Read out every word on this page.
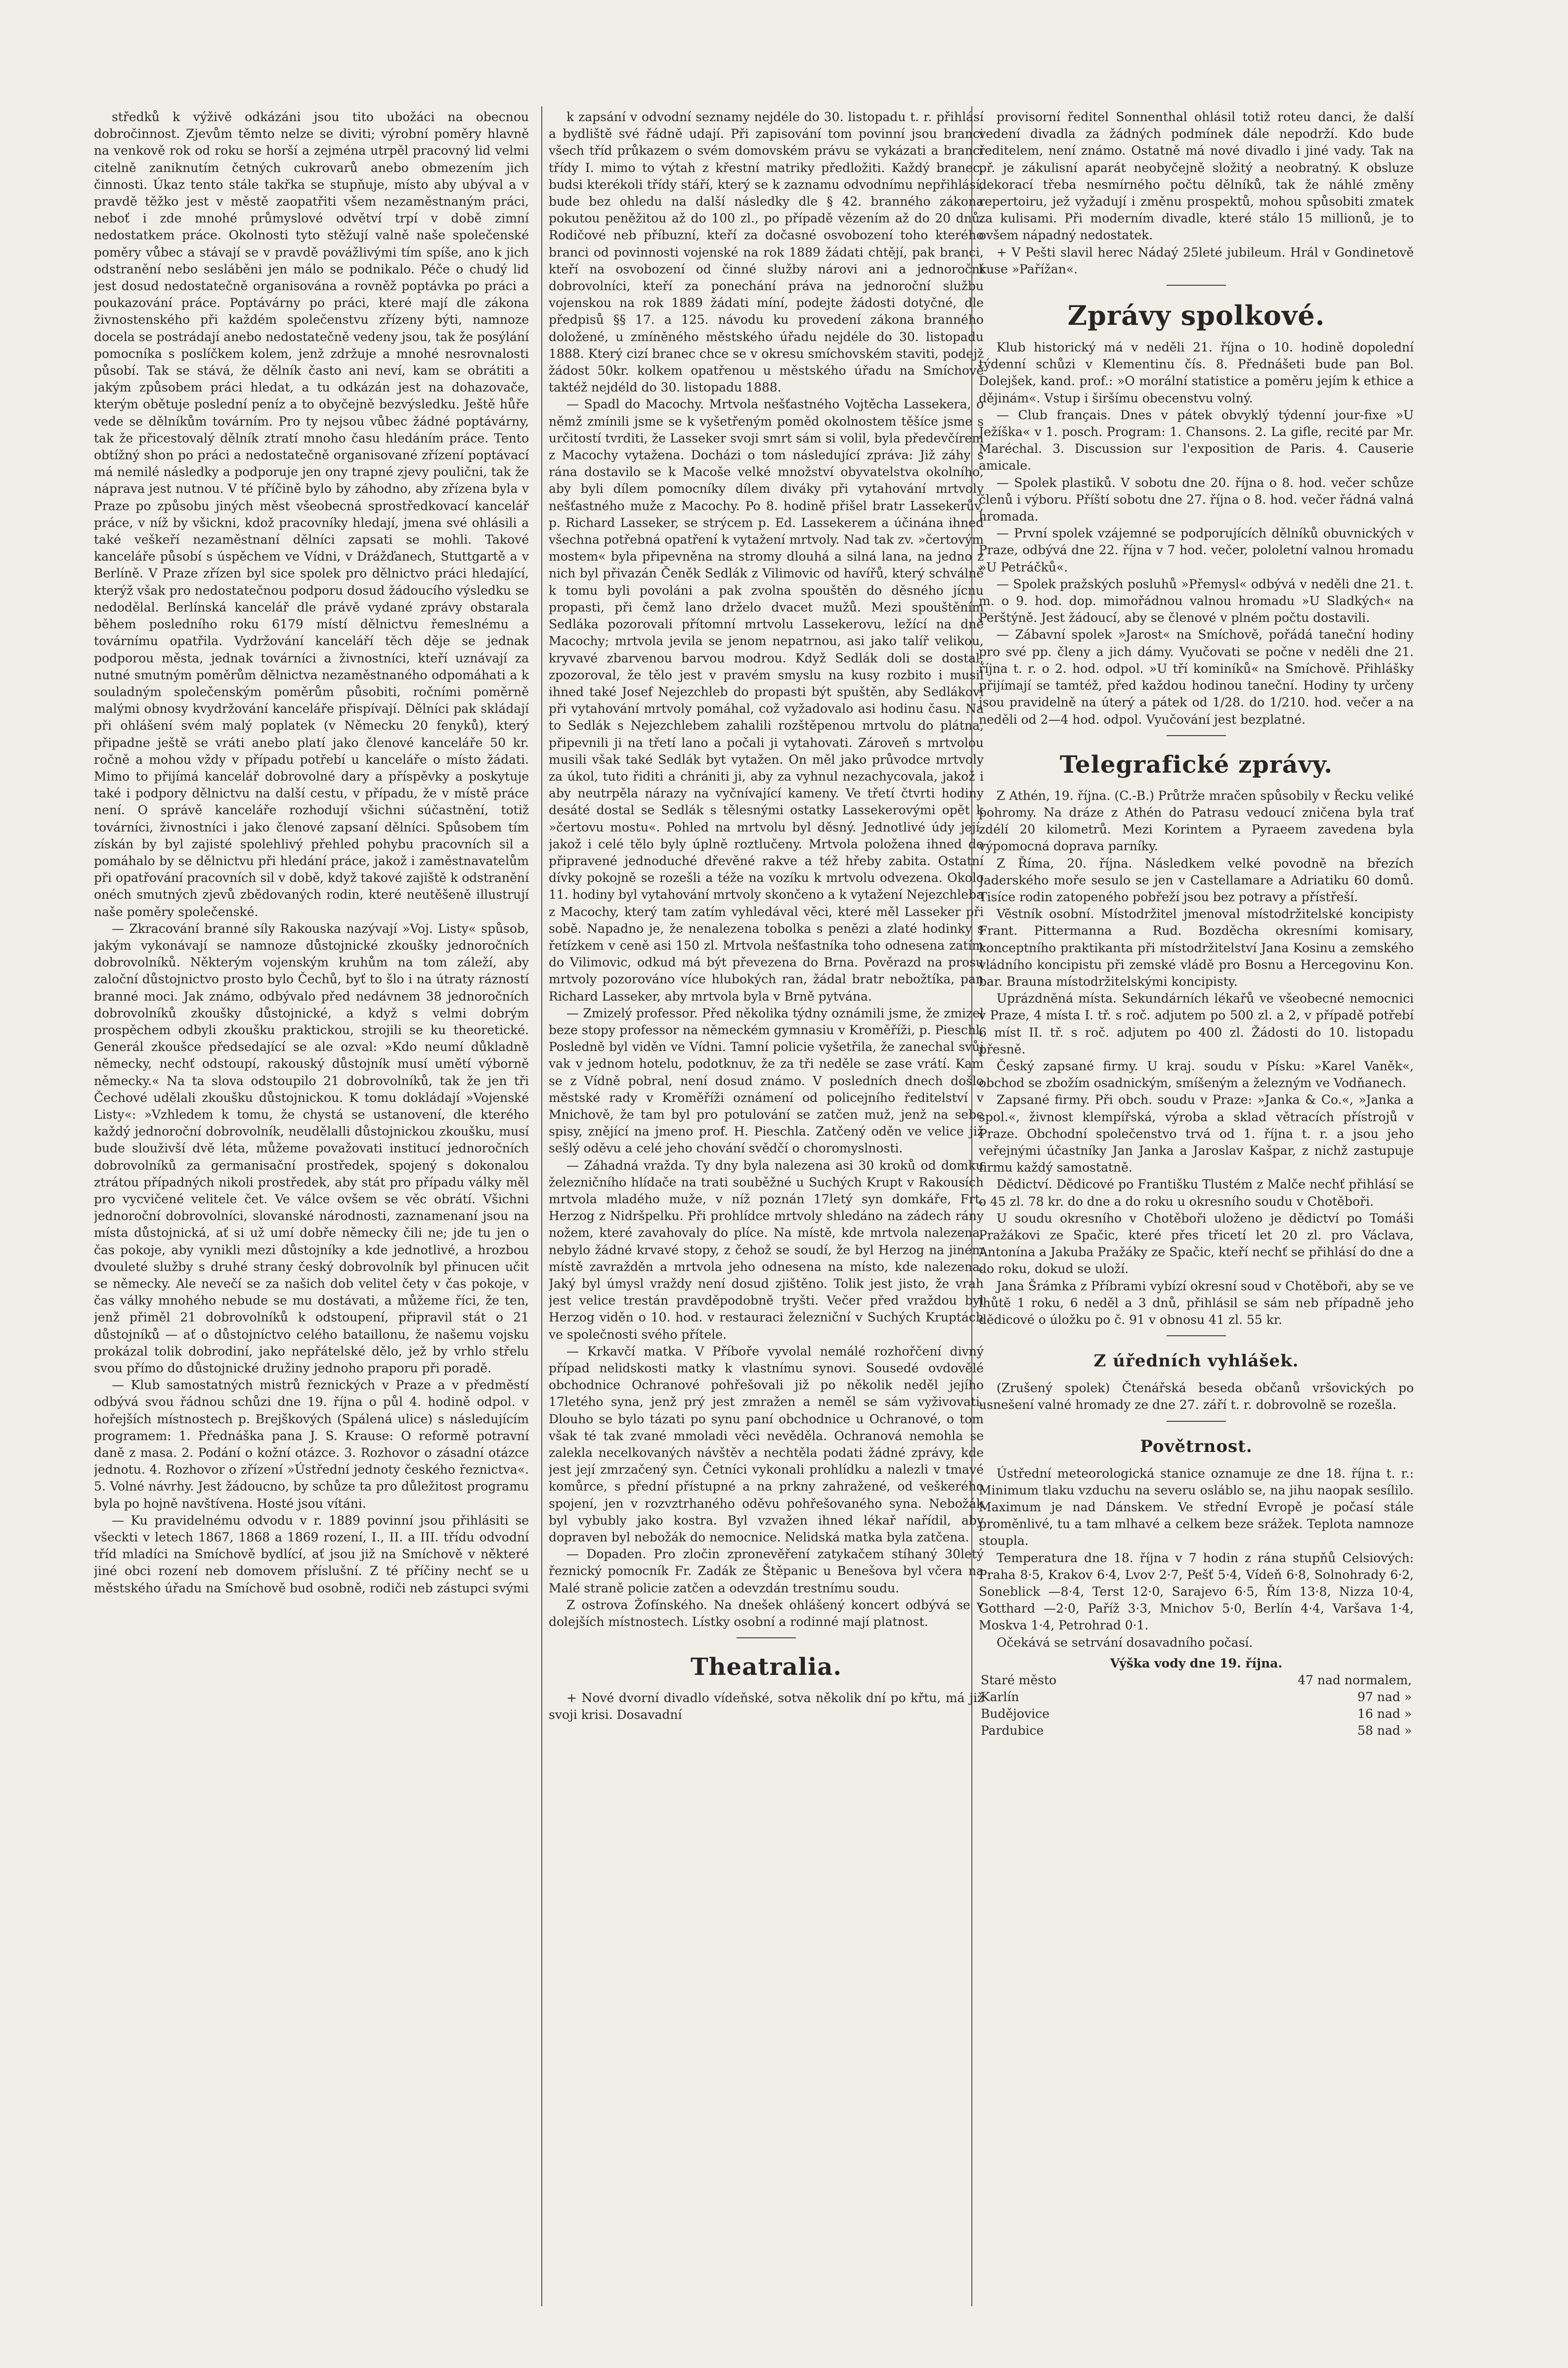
středků k výživě odkázáni jsou tito ubožáci na obecnou dobročinnost. Zjevům těmto nelze se diviti; výrobní poměry hlavně na venkově rok od roku se horší a zejména utrpěl pracovný lid velmi citelně zaniknutím četných cukrovarů anebo obmezením jich činnosti. Úkaz tento stále takřka se stupňuje, místo aby ubýval a v pravdě těžko jest v městě zaopatřiti všem nezaměstnaným práci, neboť i zde mnohé průmyslové odvětví trpí v době zimní nedostatkem práce. Okolnosti tyto stěžují valně naše společenské poměry vůbec a stávají se v pravdě povážlivými tím spíše, ano k jich odstranění nebo sesláběni jen málo se podnikalo. Péče o chudý lid jest dosud nedostatečně organisována a rovněž poptávka po práci a poukazování práce. Poptávárny po práci, které mají dle zákona živnostenského při každém společenstvu zřízeny býti, namnoze docela se postrádají anebo nedostatečně vedeny jsou, tak že posýlání pomocníka s poslíčkem kolem, jenž zdržuje a mnohé nesrovnalosti působí. Tak se stává, že dělník často ani neví, kam se obrátiti a jakým způsobem práci hledat, a tu odkázán jest na dohazovače, kterým obětuje poslední peníz a to obyčejně bezvýsledku. Ještě hůře vede se dělníkům továrním. Pro ty nejsou vůbec žádné poptávárny, tak že přicestovalý dělník ztratí mnoho času hledáním práce. Tento obtížný shon po práci a nedostatečně organisované zřízení poptávací má nemilé následky a podporuje jen ony trapné zjevy poulični, tak že náprava jest nutnou. V té příčině bylo by záhodno, aby zřízena byla v Praze po způsobu jiných měst všeobecná sprostředkovací kancelář práce, v níž by všickni, kdož pracovníky hledají, jmena své ohlásili a také veškeří nezaměstnaní dělníci zapsati se mohli. Takové kanceláře působí s úspěchem ve Vídni, v Drážďanech, Stuttgartě a v Berlíně. V Praze zřízen byl sice spolek pro dělnictvo práci hledající, kterýž však pro nedostatečnou podporu dosud žádoucího výsledku se nedodělal. Berlínská kancelář dle právě vydané zprávy obstarala během posledního roku 6179 místí dělnictvu řemeslnému a továrnímu opatřila. Vydržování kanceláří těch děje se jednak podporou města, jednak továrníci a živnostníci, kteří uznávají za nutné smutným poměrům dělnictva nezaměstnaného odpomáhati a k souladným společenským poměrům působiti, ročními poměrně malými obnosy kvydržování kanceláře přispívají. Dělníci pak skládají při ohlášení svém malý poplatek (v Německu 20 fenyků), který připadne ještě se vráti anebo platí jako členové kanceláře 50 kr. ročně a mohou vždy v případu potřebí u kanceláře o místo žádati. Mimo to přijímá kancelář dobrovolné dary a příspěvky a poskytuje také i podpory dělnictvu na další cestu, v případu, že v místě práce není. O správě kanceláře rozhodují všichni súčastnění, totiž továrníci, živnostníci i jako členové zapsaní dělníci. Spůsobem tím získán by byl zajisté spolehlivý přehled pohybu pracovních sil a pomáhalo by se dělnictvu při hledání práce, jakož i zaměstnavatelům při opatřování pracovních sil v době, když takové zajiště k odstranění onéch smutných zjevů zbědovaných rodin, které neutěšeně illustrují naše poměry společenské.

— Zkracování branné síly Rakouska nazývají »Voj. Listy« spůsob, jakým vykonávají se namnoze důstojnické zkoušky jednoročních dobrovolníků. Některým vojenským kruhům na tom záleží, aby zaloční důstojnictvo prosto bylo Čechů, byť to šlo i na útraty rázností branné moci. Jak známo, odbývalo před nedávnem 38 jednoročních dobrovolníků zkoušky důstojnické, a když s velmi dobrým prospěchem odbyli zkoušku praktickou, strojili se ku theoretické. Generál zkoušce předsedající se ale ozval: »Kdo neumí důkladně německy, nechť odstoupí, rakouský důstojník musí umětí výborně německy.« Na ta slova odstoupilo 21 dobrovolníků, tak že jen tři Čechové udělali zkoušku důstojnickou. K tomu dokládají »Vojenské Listy«: »Vzhledem k tomu, že chystá se ustanovení, dle kterého každý jednoroční dobrovolník, neudělalli důstojnickou zkoušku, musí bude slouživší dvě léta, můžeme považovati institucí jednoročních dobrovolníků za germanisační prostředek, spojený s dokonalou ztrátou případných nikoli prostředek, aby stát pro případu války měl pro vycvičené velitele čet. Ve válce ovšem se věc obrátí. Všichni jednoroční dobrovolníci, slovanské národnosti, zaznamenaní jsou na místa důstojnická, ať si už umí dobře německy čili ne; jde tu jen o čas pokoje, aby vynikli mezi důstojníky a kde jednotlivé, a hrozbou dvouleté služby s druhé strany český dobrovolník byl přinucen učit se německy. Ale nevečí se za našich dob velitel čety v čas pokoje, v čas války mnohého nebude se mu dostávati, a můžeme říci, že ten, jenž přiměl 21 dobrovolníků k odstoupení, připravil stát o 21 důstojníků — ať o důstojníctvo celého bataillonu, že našemu vojsku prokázal tolik dobrodiní, jako nepřátelské dělo, jež by vrhlo střelu svou přímo do důstojnické družiny jednoho praporu při poradě.

— Klub samostatných mistrů řeznických v Praze a v předměstí odbývá svou řádnou schůzi dne 19. října o půl 4. hodině odpol. v hořejších místnostech p. Brejškových (Spálená ulice) s následujícím programem: 1. Přednáška pana J. S. Krause: O reformě potravní daně z masa. 2. Podání o kožní otázce. 3. Rozhovor o zásadní otázce jednotu. 4. Rozhovor o zřízení »Ústřední jednoty českého řeznictva«. 5. Volné návrhy. Jest žádoucno, by schůze ta pro důležitost programu byla po hojně navštívena. Hosté jsou vítáni.

— Ku pravidelnému odvodu v r. 1889 povinní jsou přihlásiti se všeckti v letech 1867, 1868 a 1869 rození, I., II. a III. třídu odvodní tříd mladíci na Smíchově bydlící, ať jsou již na Smíchově v některé jiné obci rození neb domovem příslušní. Z té příčiny nechť se u městského úřadu na Smíchově bud osobně, rodiči neb zástupci svými

k zapsání v odvodní seznamy nejdéle do 30. listopadu t. r. přihlásí a bydliště své řádně udají. Při zapisování tom povinní jsou branci všech tříd průkazem o svém domovském právu se vykázati a branci třídy I. mimo to výtah z křestní matriky předložiti. Každý branec, budsi kterékoli třídy stáří, který se k zaznamu odvodnímu nepřihlásí, bude bez ohledu na další následky dle § 42. branného zákona pokutou peněžitou až do 100 zl., po případě vězením až do 20 dnů. Rodičové neb příbuzní, kteří za dočasné osvobození toho kterého branci od povinnosti vojenské na rok 1889 žádati chtějí, pak branci, kteří na osvobození od činné služby nárovi ani a jednoroční dobrovolníci, kteří za ponechání práva na jednoroční službu vojenskou na rok 1889 žádati míní, podejte žádosti dotyčné, dle předpisů §§ 17. a 125. návodu ku provedení zákona branného doložené, u zmíněného městského úřadu nejdéle do 30. listopadu 1888. Který cizí branec chce se v okresu smíchovském staviti, podejž žádost 50kr. kolkem opatřenou u městského úřadu na Smíchově taktéž nejdéld do 30. listopadu 1888.

— Spadl do Macochy. Mrtvola nešťastného Vojtěcha Lassekera, o němž zmínili jsme se k vyšetřeným poměd okolnostem těšíce jsme s určitostí tvrditi, že Lasseker svoji smrt sám si volil, byla předevčírem z Macochy vytažena. Docházi o tom následující zpráva: Již záhy s rána dostavilo se k Macoše velké množství obyvatelstva okolního, aby byli dílem pomocníky dílem diváky při vytahování mrtvoly nešťastného muže z Macochy. Po 8. hodině přišel bratr Lassekerův, p. Richard Lasseker, se strýcem p. Ed. Lassekerem a účinána ihned všechna potřebná opatření k vytažení mrtvoly. Nad tak zv. »čertovým mostem« byla připevněna na stromy dlouhá a silná lana, na jedno z nich byl přivazán Čeněk Sedlák z Vilimovic od havířů, který schválně k tomu byli povoláni a pak zvolna spouštěn do děsného jícnu propasti, při čemž lano drželo dvacet mužů. Mezi spouštěním Sedláka pozorovali přítomní mrtvolu Lassekerovu, ležící na dně Macochy; mrtvola jevila se jenom nepatrnou, asi jako talíř velikou, kryvavé zbarvenou barvou modrou. Když Sedlák doli se dostal, zpozoroval, že tělo jest v pravém smyslu na kusy rozbito i musil ihned také Josef Nejezchleb do propasti být spuštěn, aby Sedlákovi při vytahování mrtvoly pomáhal, což vyžadovalo asi hodinu času. Na to Sedlák s Nejezchlebem zahalili rozštěpenou mrtvolu do plátna, připevnili ji na třetí lano a počali ji vytahovati. Zároveň s mrtvolou musili však také Sedlák byt vytažen. On měl jako průvodce mrtvoly za úkol, tuto řiditi a chrániti ji, aby za vyhnul nezachycovala, jakož i aby neutrpěla nárazy na vyčnívající kameny. Ve třetí čtvrti hodiny desáté dostal se Sedlák s tělesnými ostatky Lassekerovými opět k »čertovu mostu«. Pohled na mrtvolu byl děsný. Jednotlivé údy její, jakož i celé tělo byly úplně roztlučeny. Mrtvola položena ihned do připravené jednoduché dřevěné rakve a též hřeby zabita. Ostatní dívky pokojně se rozešli a téže na vozíku k mrtvolu odvezena. Okolo 11. hodiny byl vytahování mrtvoly skončeno a k vytažení Nejezchleba z Macochy, který tam zatím vyhledával věci, které měl Lasseker při sobě. Napadno je, že nenalezena tobolka s penězi a zlaté hodinky s řetízkem v ceně asi 150 zl. Mrtvola nešťastníka toho odnesena zatím do Vilimovic, odkud má být převezena do Brna. Pověrazd na prosu mrtvoly pozorováno více hlubokých ran, žádal bratr nebožtíka, pan Richard Lasseker, aby mrtvola byla v Brně pytvána.

— Zmizelý professor. Před několika týdny oznámili jsme, že zmizel beze stopy professor na německém gymnasiu v Kroměříži, p. Pieschl. Posledně byl viděn ve Vídni. Tamní policie vyšetřila, že zanechal svůj vak v jednom hotelu, podotknuv, že za tři neděle se zase vrátí. Kam se z Vídně pobral, není dosud známo. V posledních dnech došlo městské rady v Kroměříži oznámení od policejního ředitelství v Mnichově, že tam byl pro potulování se zatčen muž, jenž na sebe spisy, znějící na jmeno prof. H. Pieschla. Zatčený oděn ve velice již sešlý oděvu a celé jeho chování svědčí o choromyslnosti.

— Záhadná vražda. Ty dny byla nalezena asi 30 kroků od domku železničního hlídače na trati souběžné u Suchých Krupt v Rakousích mrtvola mladého muže, v níž poznán 17letý syn domkáře, Frt. Herzog z Nidršpelku. Při prohlídce mrtvoly shledáno na zádech rány nožem, které zavahovaly do plíce. Na místě, kde mrtvola nalezena, nebylo žádné krvavé stopy, z čehož se soudí, že byl Herzog na jiném místě zavražděn a mrtvola jeho odnesena na místo, kde nalezena. Jaký byl úmysl vraždy není dosud zjištěno. Tolik jest jisto, že vrah jest velice trestán pravděpodobně tryšti. Večer před vraždou byl Herzog viděn o 10. hod. v restauraci železniční v Suchých Kruptách ve společnosti svého přítele.

— Krkavčí matka. V Příboře vyvolal nemálé rozhořčení divný případ nelidskosti matky k vlastnímu synovi. Sousedé ovdovělé obchodnice Ochranové pohřešovali již po několik neděl jejího 17letého syna, jenž prý jest zmražen a neměl se sám vyživovati. Dlouho se bylo tázati po synu paní obchodnice u Ochranové, o tom však té tak zvané mmoladi věci nevěděla. Ochranová nemohla se zalekla necelkovaných návštěv a nechtěla podati žádné zprávy, kde jest její zmrzačený syn. Četníci vykonali prohlídku a nalezli v tmavé komůrce, s přední přístupné a na prkny zahražené, od veškerého spojení, jen v rozvztrhaného oděvu pohřešovaného syna. Nebožák byl vybubly jako kostra. Byl vzvažen ihned lékař nařídil, aby dopraven byl nebožák do nemocnice. Nelidská matka byla zatčena.

— Dopaden. Pro zločin zpronevěření zatykačem stíhaný 30letý řeznický pomocník Fr. Zadák ze Štěpanic u Benešova byl včera na Malé straně policie zatčen a odevzdán trestnímu soudu.

Z ostrova Žofínského. Na dnešek ohlášený koncert odbývá se v dolejších místnostech. Lístky osobní a rodinné mají platnost.

Theatralia.

+ Nové dvorní divadlo vídeňské, sotva několik dní po křtu, má již svoji krisi. Dosavadní

provisorní ředitel Sonnenthal ohlásil totiž roteu danci, že další vedení divadla za žádných podmínek dále nepodrží. Kdo bude ředitelem, není známo. Ostatně má nové divadlo i jiné vady. Tak na př. je zákulisní aparát neobyčejně složitý a neobratný. K obsluze dekorací třeba nesmírného počtu dělníků, tak že náhlé změny repertoiru, jež vyžadují i změnu prospektů, mohou spůsobiti zmatek za kulisami. Při moderním divadle, které stálo 15 millionů, je to ovšem nápadný nedostatek.

+ V Pešti slavil herec Nádaý 25leté jubileum. Hrál v Gondinetově kuse »Pařížan«.

Zprávy spolkové.

Klub historický má v neděli 21. října o 10. hodině dopolední týdenní schůzi v Klementinu čís. 8. Přednášeti bude pan Bol. Dolejšek, kand. prof.: »O morální statistice a poměru jejím k ethice a dějinám«. Vstup i širšímu obecenstvu volný.

— Club français. Dnes v pátek obvyklý týdenní jour-fixe »U Ježíška« v 1. posch. Program: 1. Chansons. 2. La gifle, recité par Mr. Maréchal. 3. Discussion sur l'exposition de Paris. 4. Causerie amicale.

— Spolek plastiků. V sobotu dne 20. října o 8. hod. večer schůze členů i výboru. Příští sobotu dne 27. října o 8. hod. večer řádná valná hromada.

— První spolek vzájemné se podporujících dělníků obuvnických v Praze, odbývá dne 22. října v 7 hod. večer, pololetní valnou hromadu »U Petráčků«.

— Spolek pražských posluhů »Přemysl« odbývá v neděli dne 21. t. m. o 9. hod. dop. mimořádnou valnou hromadu »U Sladkých« na Perštýně. Jest žádoucí, aby se členové v plném počtu dostavili.

— Zábavní spolek »Jarost« na Smíchově, pořádá taneční hodiny pro své pp. členy a jich dámy. Vyučovati se počne v neděli dne 21. října t. r. o 2. hod. odpol. »U tří kominíků« na Smíchově. Přihlášky přijímají se tamtéž, před každou hodinou taneční. Hodiny ty určeny jsou pravidelně na úterý a pátek od 1/28. do 1/210. hod. večer a na neděli od 2—4 hod. odpol. Vyučování jest bezplatné.

Telegrafické zprávy.

Z Athén, 19. října. (C.-B.) Průtrže mračen spůsobily v Řecku veliké pohromy. Na dráze z Athén do Patrasu vedoucí zničena byla trať zdélí 20 kilometrů. Mezi Korintem a Pyraeem zavedena byla výpomocná doprava parníky.

Z Říma, 20. října. Následkem velké povodně na březích Jaderského moře sesulo se jen v Castellamare a Adriatiku 60 domů. Tisíce rodin zatopeného pobřeží jsou bez potravy a přístřeší.

Věstník osobní. Místodržitel jmenoval místodržitelské koncipisty Frant. Pittermanna a Rud. Bozděcha okresními komisary, konceptního praktikanta při místodržitelství Jana Kosinu a zemského vládního koncipistu při zemské vládě pro Bosnu a Hercegovinu Kon. bar. Brauna místodržitelskými koncipisty.

Uprázdněná místa. Sekundárních lékařů ve všeobecné nemocnici v Praze, 4 místa I. tř. s roč. adjutem po 500 zl. a 2, v případě potřebí 6 míst II. tř. s roč. adjutem po 400 zl. Žádosti do 10. listopadu přesně.

Český zapsané firmy. U kraj. soudu v Písku: »Karel Vaněk«, obchod se zbožím osadnickým, smíšeným a železným ve Vodňanech.

Zapsané firmy. Při obch. soudu v Praze: »Janka & Co.«, »Janka a spol.«, živnost klempířská, výroba a sklad větracích přístrojů v Praze. Obchodní společenstvo trvá od 1. října t. r. a jsou jeho veřejnými účastníky Jan Janka a Jaroslav Kašpar, z nichž zastupuje firmu každý samostatně.

Dědictví. Dědicové po Františku Tlustém z Malče nechť přihlásí se o 45 zl. 78 kr. do dne a do roku u okresního soudu v Chotěboři.

U soudu okresního v Chotěboři uloženo je dědictví po Tomáši Pražákovi ze Spačic, které přes třicetí let 20 zl. pro Václava, Antonína a Jakuba Pražáky ze Spačic, kteří nechť se přihlásí do dne a do roku, dokud se uloží.

Jana Šrámka z Příbrami vybízí okresní soud v Chotěboři, aby se ve lhůtě 1 roku, 6 neděl a 3 dnů, přihlásil se sám neb případně jeho dědicové o úložku po č. 91 v obnosu 41 zl. 55 kr.

Z úředních vyhlášek.

(Zrušený spolek) Čtenářská beseda občanů vršovických po usnešení valné hromady ze dne 27. září t. r. dobrovolně se rozešla.

Povětrnost.

Ústřední meteorologická stanice oznamuje ze dne 18. října t. r.: Minimum tlaku vzduchu na severu osláblo se, na jihu naopak sesílilo. Maximum je nad Dánskem. Ve střední Evropě je počasí stále proměnlivé, tu a tam mlhavé a celkem beze srážek. Teplota namnoze stoupla.

Temperatura dne 18. října v 7 hodin z rána stupňů Celsiových: Praha 8·5, Krakov 6·4, Lvov 2·7, Pešť 5·4, Vídeň 6·8, Solnohrady 6·2, Soneblick —8·4, Terst 12·0, Sarajevo 6·5, Řím 13·8, Nizza 10·4, Gotthard —2·0, Paříž 3·3, Mnichov 5·0, Berlín 4·4, Varšava 1·4, Moskva 1·4, Petrohrad 0·1.

Očekává se setrvání dosavadního počasí.

Výška vody dne 19. října.	
Staré město	47 nad normalem,
Karlín	97 nad »
Budějovice	16 nad »
Pardubice	58 nad »
